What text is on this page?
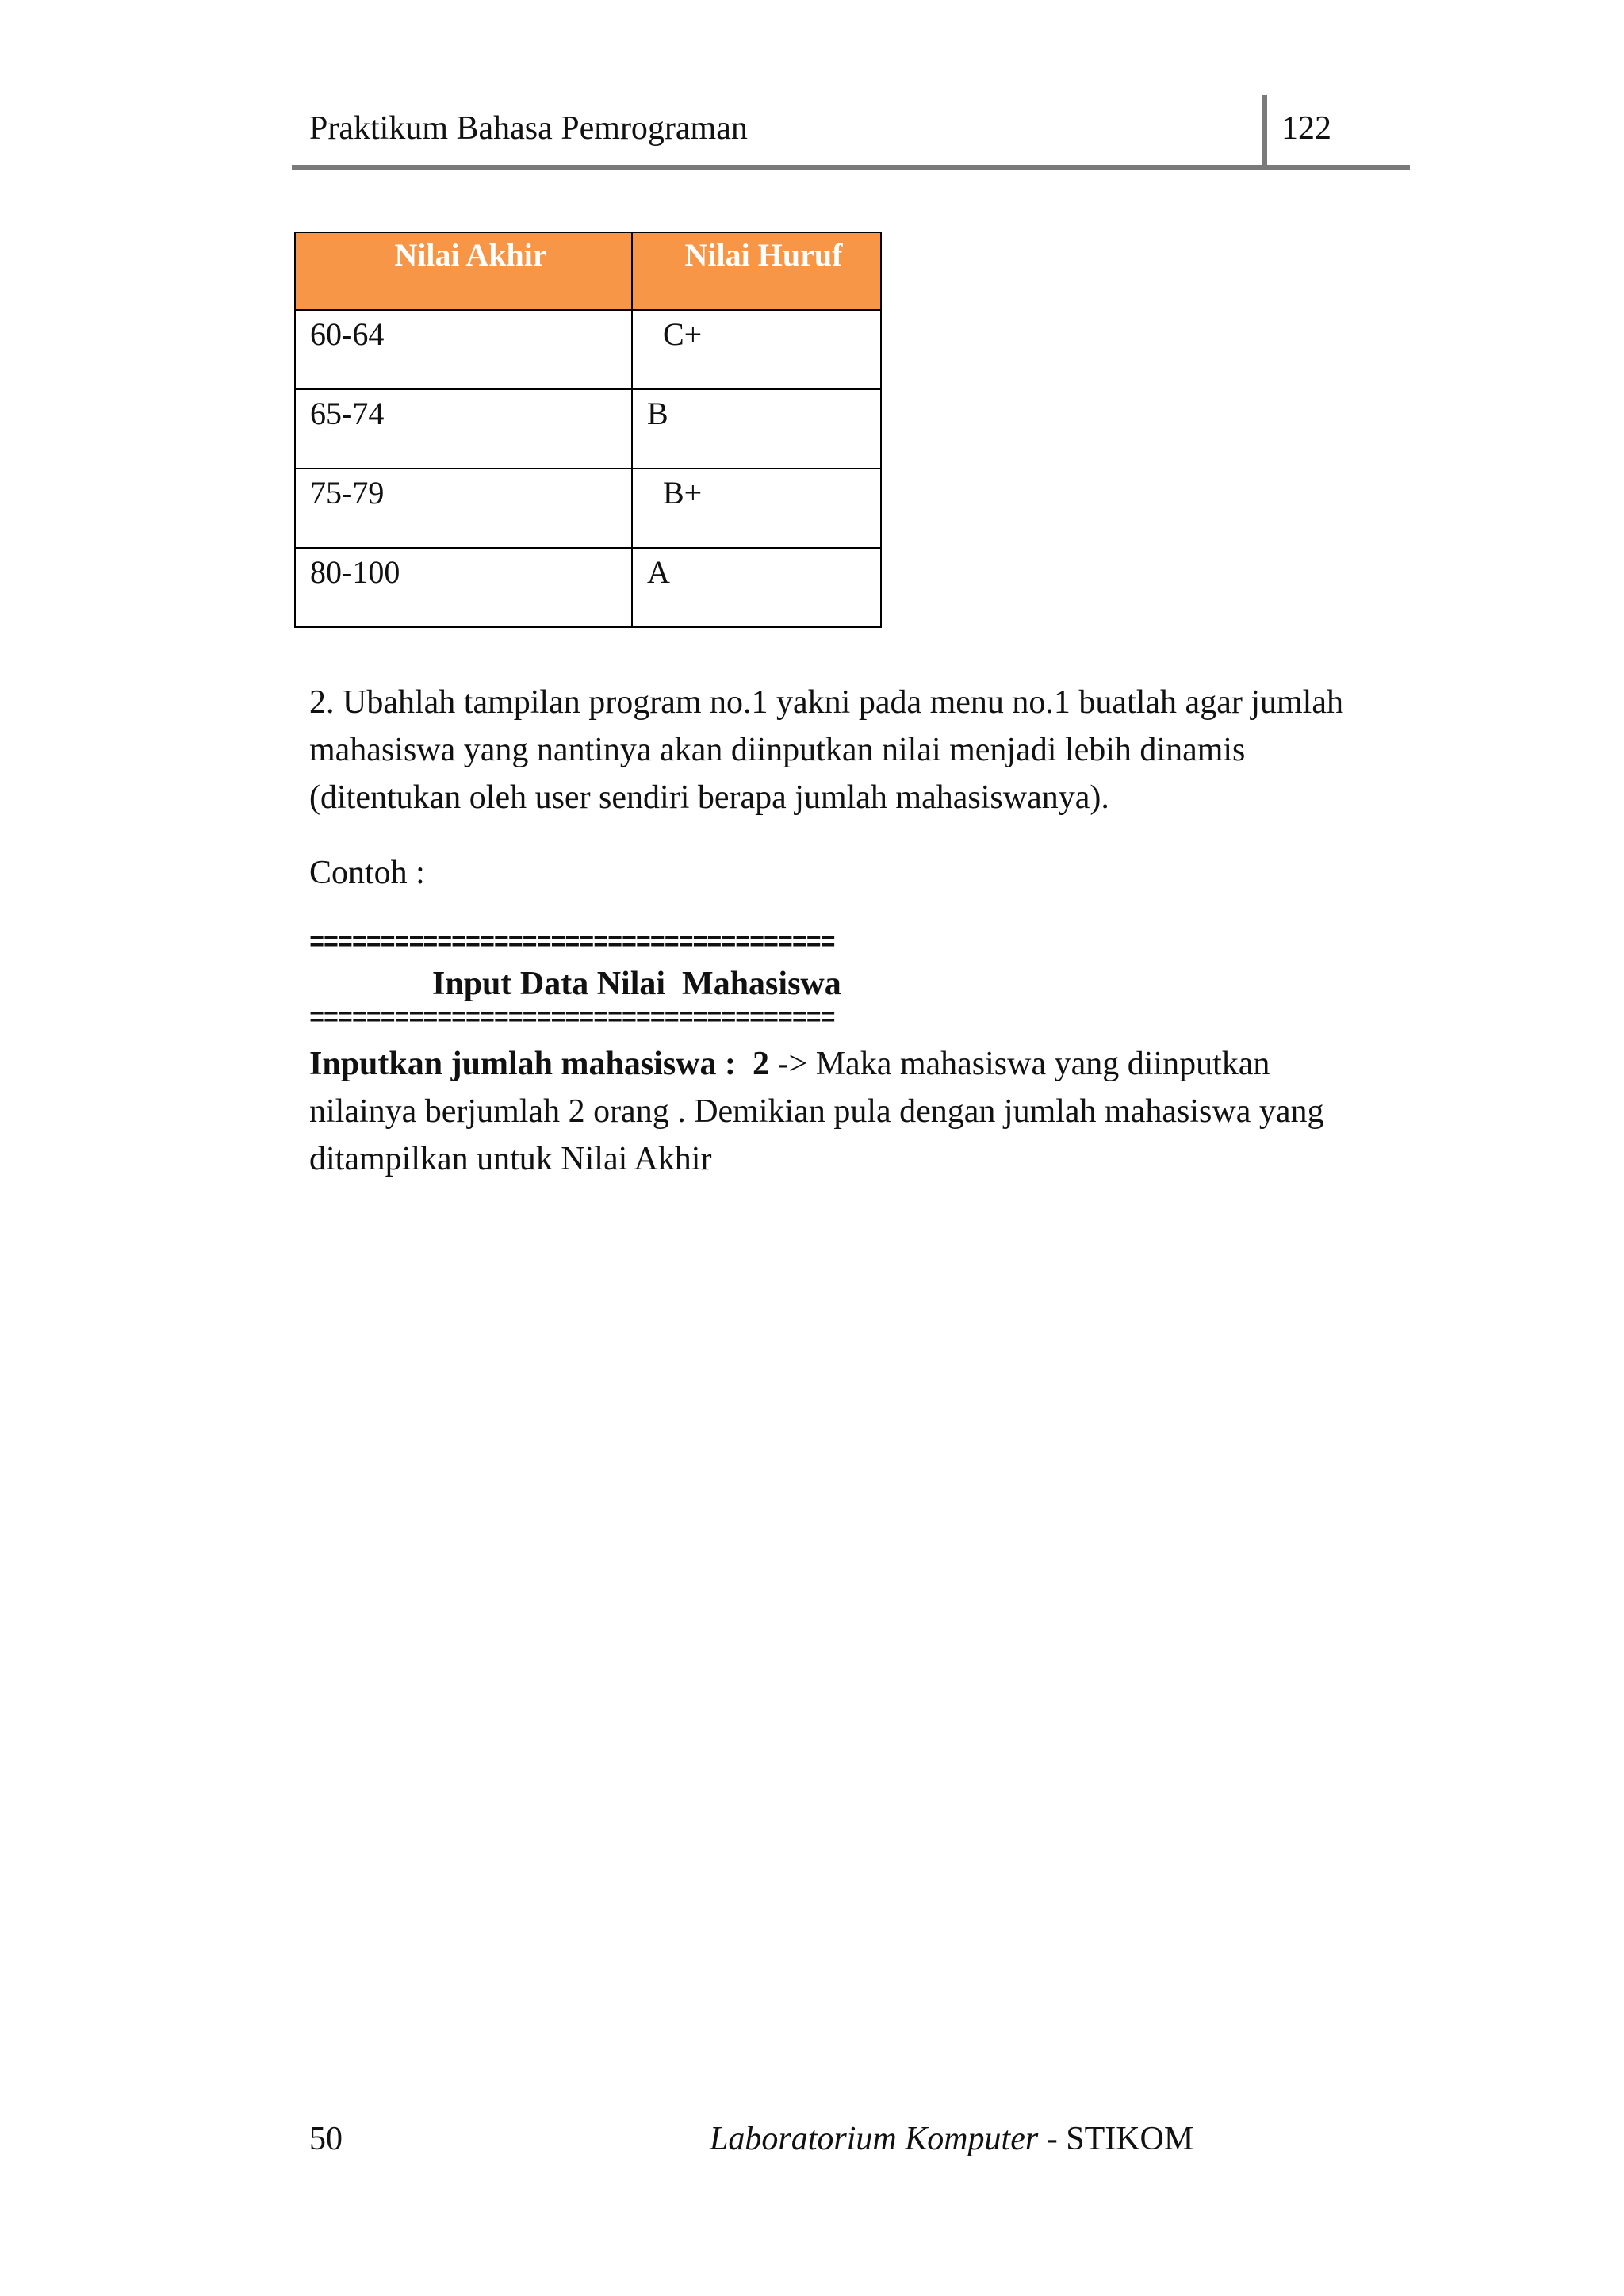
Praktikum Bahasa Pemrograman	122
Nilai Akhir	Nilai Huruf
60-64	C+
65-74	B
75-79	B+
80-100	A
2. Ubahlah tampilan program no.1 yakni pada menu no.1 buatlah agar jumlah mahasiswa yang nantinya akan diinputkan nilai menjadi lebih dinamis (ditentukan oleh user sendiri berapa jumlah mahasiswanya).
Contoh :
=====================================
Input Data Nilai  Mahasiswa
=====================================
Inputkan jumlah mahasiswa :  2 -> Maka mahasiswa yang diinputkan nilainya berjumlah 2 orang . Demikian pula dengan jumlah mahasiswa yang ditampilkan untuk Nilai Akhir
50	Laboratorium Komputer - STIKOM
